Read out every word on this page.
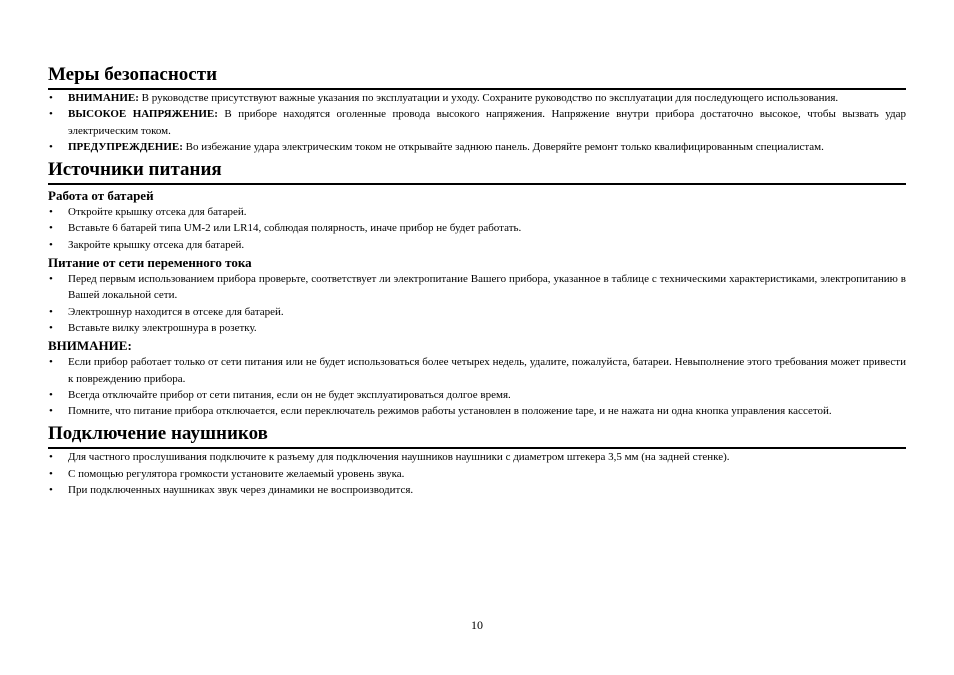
Меры безопасности
• ВНИМАНИЕ: В руководстве присутствуют важные указания по эксплуатации и уходу. Сохраните руководство по эксплуатации для последующего использования.
• ВЫСОКОЕ НАПРЯЖЕНИЕ: В приборе находятся оголенные провода высокого напряжения. Напряжение внутри прибора достаточно высокое, чтобы вызвать удар электрическим током.
• ПРЕДУПРЕЖДЕНИЕ: Во избежание удара электрическим током не открывайте заднюю панель. Доверяйте ремонт только квалифицированным специалистам.
Источники питания
Работа от батарей
• Откройте крышку отсека для батарей.
• Вставьте 6 батарей типа UM-2 или LR14, соблюдая полярность, иначе прибор не будет работать.
• Закройте крышку отсека для батарей.
Питание от сети переменного тока
• Перед первым использованием прибора проверьте, соответствует ли электропитание Вашего прибора, указанное в таблице с техническими характеристиками, электропитанию в Вашей локальной сети.
• Электрошнур находится в отсеке для батарей.
• Вставьте вилку электрошнура в розетку.
ВНИМАНИЕ:
• Если прибор работает только от сети питания или не будет использоваться более четырех недель, удалите, пожалуйста, батареи. Невыполнение этого требования может привести к повреждению прибора.
• Всегда отключайте прибор от сети питания, если он не будет эксплуатироваться долгое время.
• Помните, что питание прибора отключается, если переключатель режимов работы установлен в положение tape, и не нажата ни одна кнопка управления кассетой.
Подключение наушников
• Для частного прослушивания подключите к разъему для подключения наушников наушники с диаметром штекера 3,5 мм (на задней стенке).
• С помощью регулятора громкости установите желаемый уровень звука.
• При подключенных наушниках звук через динамики не воспроизводится.
10
